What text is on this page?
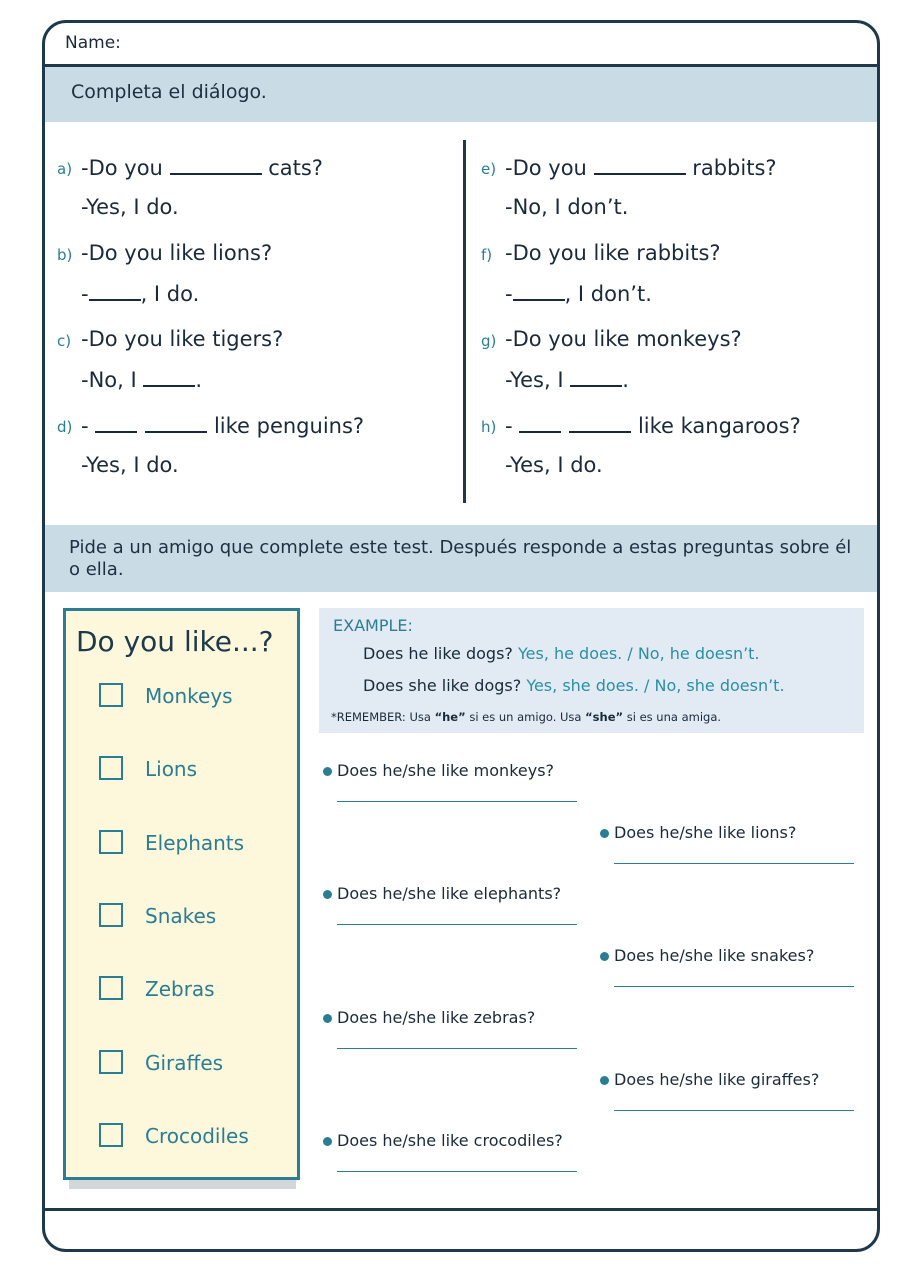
Name:
Completa el diálogo.
a) -Do you	cats?
-Yes, I do.
b) -Do you like lions?
- , I do.
c) -Do you like tigers?
-No, I .
d) -	like penguins?
-Yes, I do.
e) -Do you	rabbits?
-No, I don’t.
f) -Do you like rabbits?
- , I don’t.
g) -Do you like monkeys?
-Yes, I .
h) -	like kangaroos?
-Yes, I do.
Pide a un amigo que complete este test. Después responde a estas preguntas sobre él o ella.
Do you like...?
Monkeys
Lions
Elephants
Snakes
Zebras
Giraffes
Crocodiles
EXAMPLE:
Does he like dogs? Yes, he does. / No, he doesn’t.
Does she like dogs? Yes, she does. / No, she doesn’t.
*REMEMBER: Usa “he” si es un amigo. Usa “she” si es una amiga.
Does he/she like monkeys?
Does he/she like lions?
Does he/she like elephants?
Does he/she like snakes?
Does he/she like zebras?
Does he/she like giraffes?
Does he/she like crocodiles?
